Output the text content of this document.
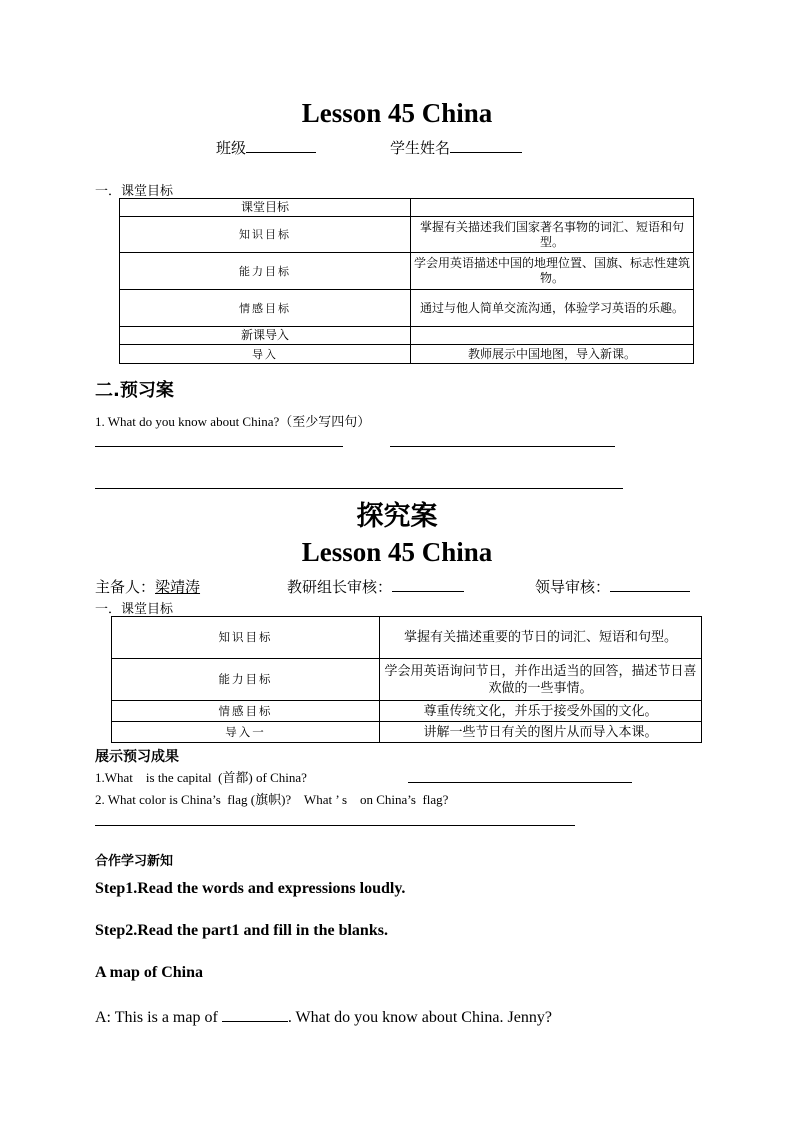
Lesson 45 China
班级	学生姓名
一．课堂目标
课堂目标	
知识目标	掌握有关描述我们国家著名事物的词汇、短语和句型。
能力目标	学会用英语描述中国的地理位置、国旗、标志性建筑物。
情感目标	通过与他人简单交流沟通，体验学习英语的乐趣。
新课导入	
导入	教师展示中国地图，导入新课。
二.预习案
1. What do you know about China?（至少写四句）
探究案
Lesson 45 China
主备人：梁靖涛	教研组长审核：	领导审核：
一．课堂目标
知识目标	掌握有关描述重要的节日的词汇、短语和句型。
能力目标	学会用英语询问节日，并作出适当的回答，描述节日喜欢做的一些事情。
情感目标	尊重传统文化，并乐于接受外国的文化。
导入一	讲解一些节日有关的图片从而导入本课。
展示预习成果
1.What    is the capital  (首都) of China?
2. What color is China’s  flag (旗帜)?    What ’ s    on China’s  flag?
合作学习新知
Step1.Read the words and expressions loudly.
Step2.Read the part1 and fill in the blanks.
A map of China
A: This is a map of	. What do you know about China. Jenny?
